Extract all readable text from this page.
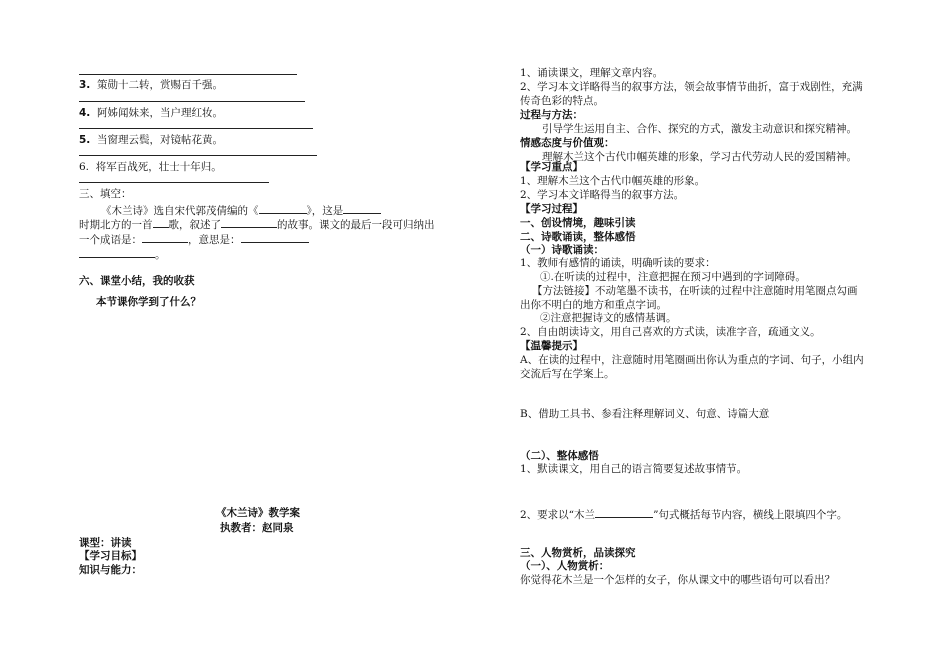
3. 策勋十二转，赏赐百千强。
4. 阿姊闻妹来，当户理红妆。
5. 当窗理云鬓，对镜帖花黄。
6. 将军百战死，壮士十年归。
三、填空：
《木兰诗》选自宋代郭茂倩编的《	》，这是
时期北方的一首 歌，叙述了	的故事。课文的最后一段可归纳出
一个成语是：	，意思是：
。
六、课堂小结，我的收获
本节课你学到了什么？
《木兰诗》教学案
执教者：赵同泉
课型：讲读
【学习目标】
知识与能力：
1、诵读课文，理解文章内容。
2、学习本文详略得当的叙事方法，领会故事情节曲折，富于戏剧性，充满
传奇色彩的特点。
过程与方法：
引导学生运用自主、合作、探究的方式，激发主动意识和探究精神。
情感态度与价值观：
理解木兰这个古代巾帼英雄的形象，学习古代劳动人民的爱国精神。
【学习重点】
1、理解木兰这个古代巾帼英雄的形象。
2、学习本文详略得当的叙事方法。
【学习过程】
一、创设情境，趣味引读
二、诗歌诵读，整体感悟
（一）诗歌诵读：
1、教师有感情的诵读，明确听读的要求：
①.在听读的过程中，注意把握在预习中遇到的字词障碍。
【方法链接】不动笔墨不读书，在听读的过程中注意随时用笔圈点勾画
出你不明白的地方和重点字词。
②注意把握诗文的感情基调。
2、自由朗读诗文，用自己喜欢的方式读，读准字音，疏通文义。
【温馨提示】
A、在读的过程中，注意随时用笔圈画出你认为重点的字词、句子，小组内
交流后写在学案上。
B、借助工具书、参看注释理解词义、句意、诗篇大意
（二）、整体感悟
1、默读课文，用自己的语言简要复述故事情节。
2、要求以“木兰	”句式概括每节内容，横线上限填四个字。
三、人物赏析，品读探究
（一）、人物赏析：
你觉得花木兰是一个怎样的女子，你从课文中的哪些语句可以看出？
